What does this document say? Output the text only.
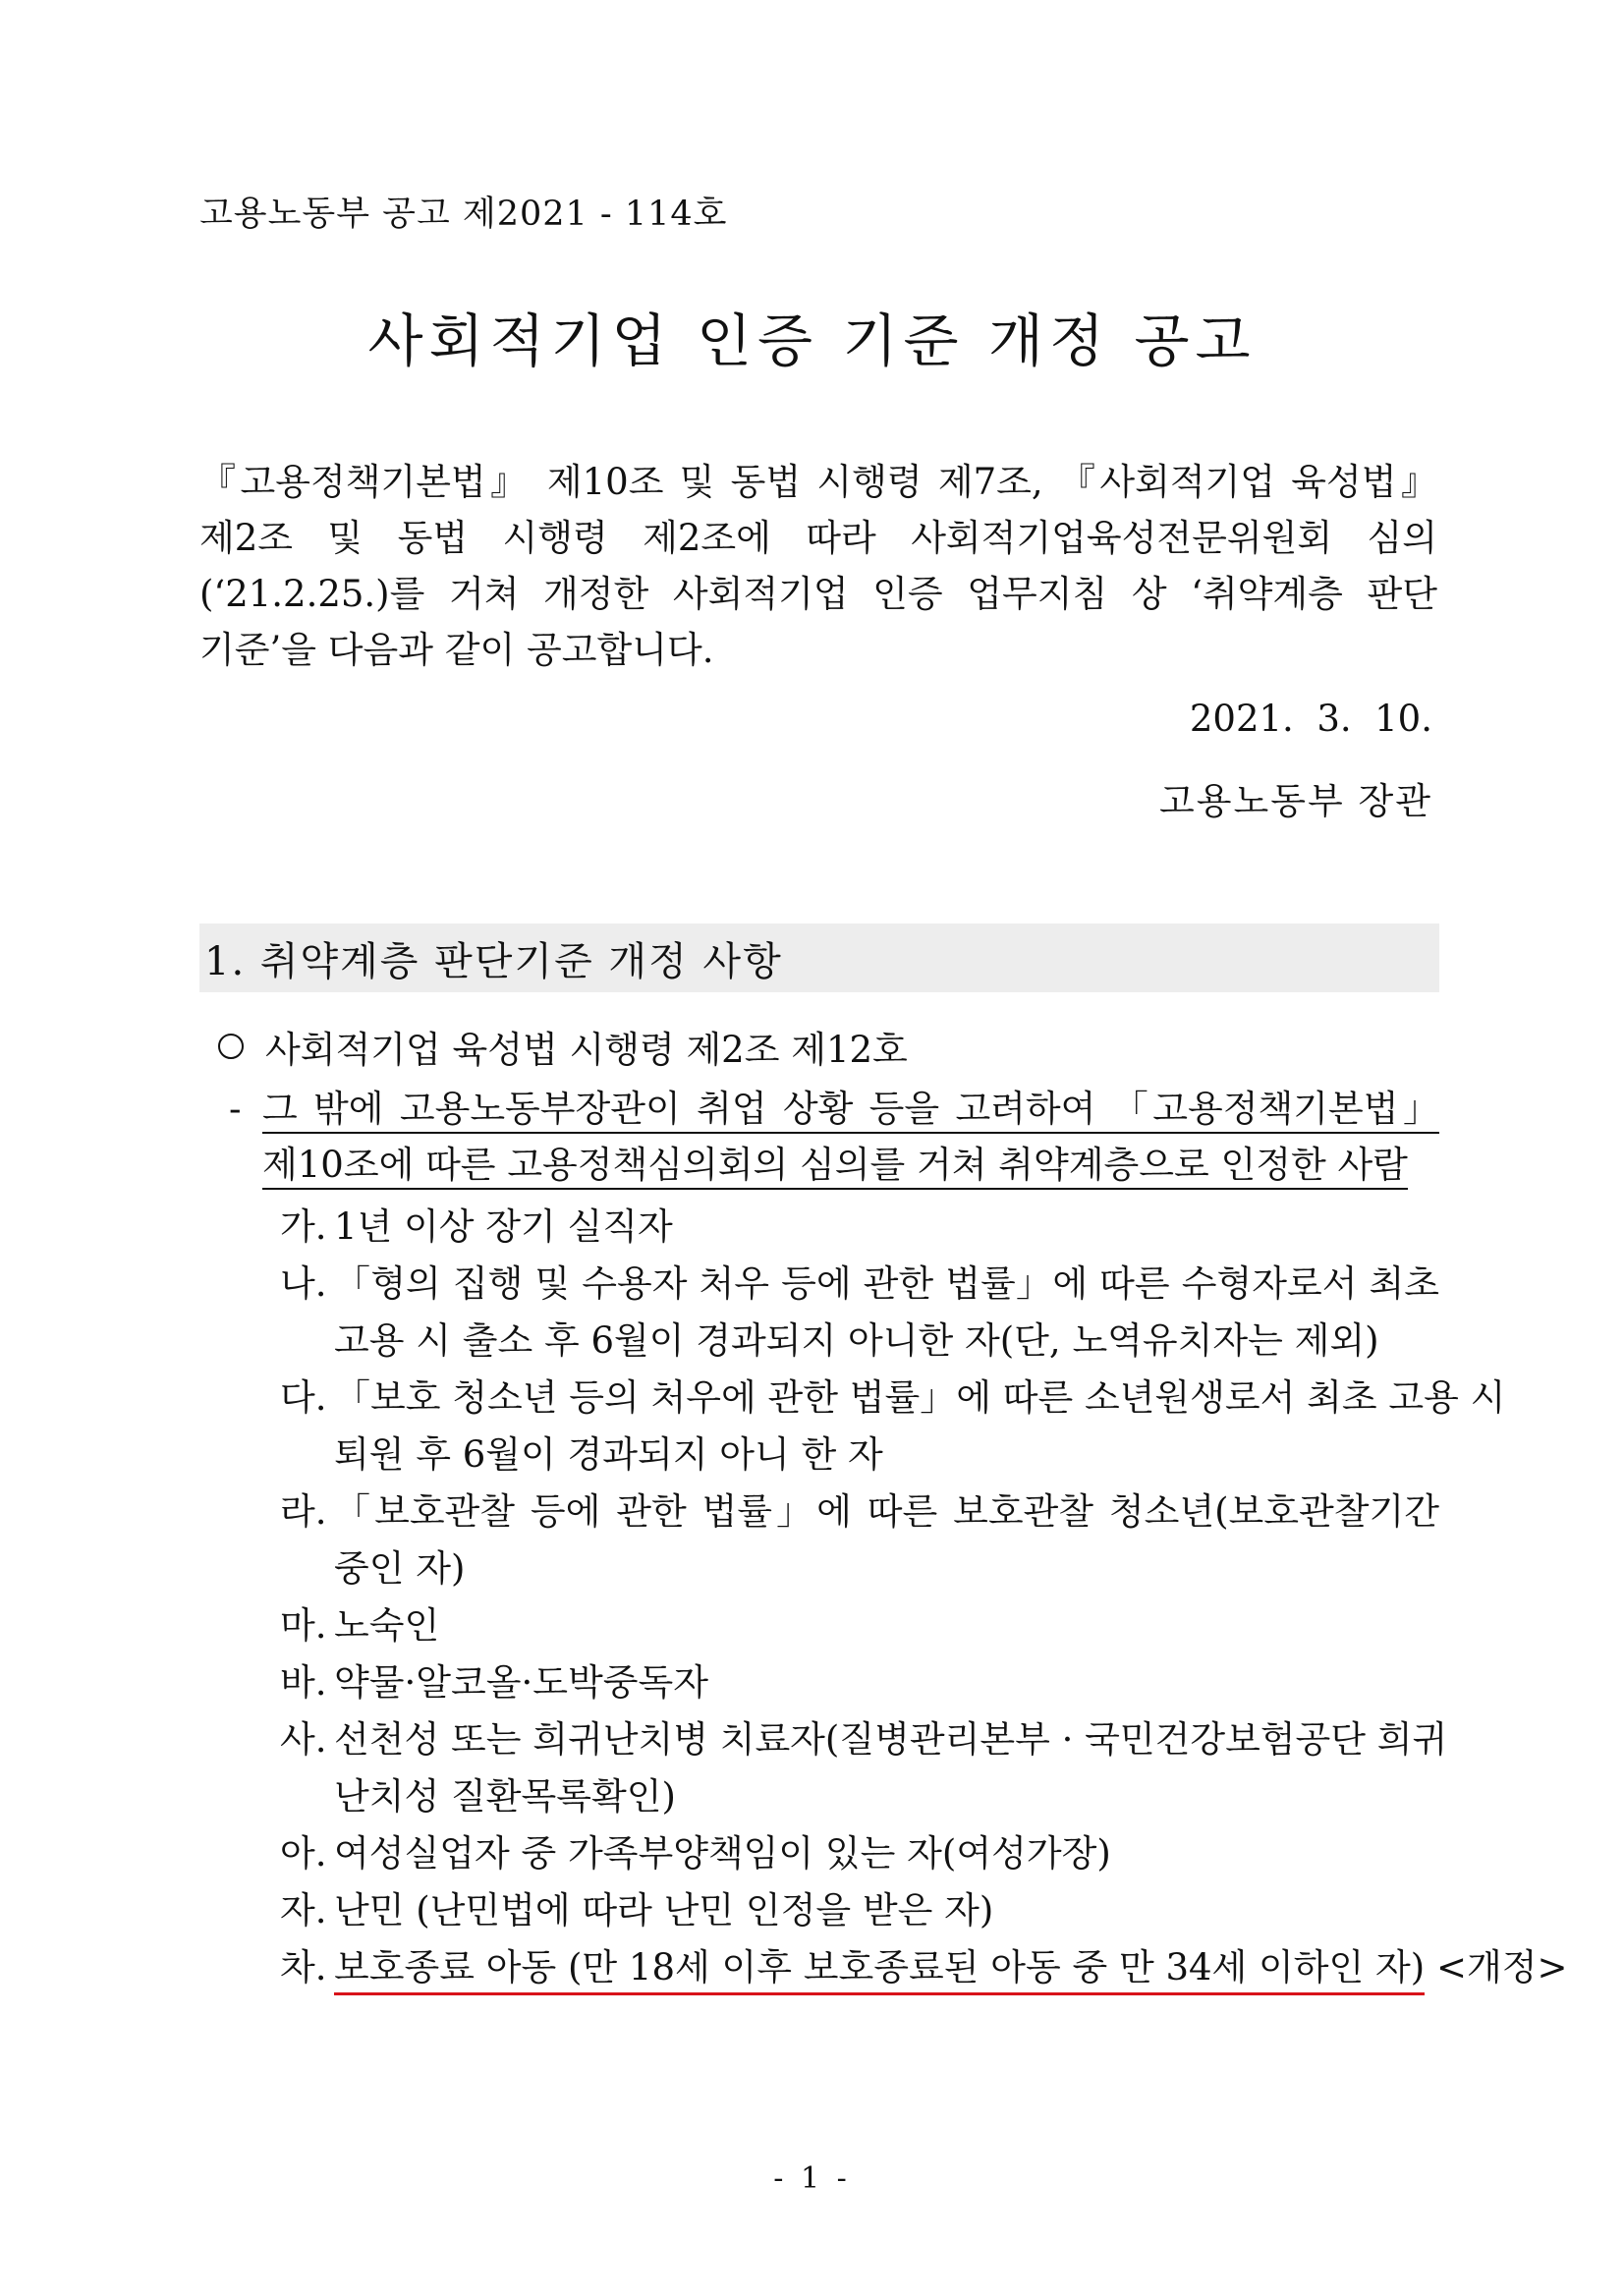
고용노동부 공고 제2021 - 114호
사회적기업 인증 기준 개정 공고
『고용정책기본법』 제10조 및 동법 시행령 제7조, 『사회적기업 육성법』
제2조 및 동법 시행령 제2조에 따라 사회적기업육성전문위원회 심의
(‘21.2.25.)를 거쳐 개정한 사회적기업 인증 업무지침 상 ‘취약계층 판단
기준’을 다음과 같이 공고합니다.
2021.  3.  10.
고용노동부 장관
1. 취약계층 판단기준 개정 사항
사회적기업 육성법 시행령 제2조 제12호
- 그 밖에 고용노동부장관이 취업 상황 등을 고려하여 「고용정책기본법」
제10조에 따른 고용정책심의회의 심의를 거쳐 취약계층으로 인정한 사람
가. 1년 이상 장기 실직자
나. 「형의 집행 및 수용자 처우 등에 관한 법률」에 따른 수형자로서 최초
고용 시 출소 후 6월이 경과되지 아니한 자(단, 노역유치자는 제외)
다. 「보호 청소년 등의 처우에 관한 법률」에 따른 소년원생로서 최초 고용 시
퇴원 후 6월이 경과되지 아니 한 자
라. 「보호관찰 등에 관한 법률」에 따른 보호관찰 청소년(보호관찰기간
중인 자)
마. 노숙인
바. 약물·알코올·도박중독자
사. 선천성 또는 희귀난치병 치료자(질병관리본부 · 국민건강보험공단 희귀
난치성 질환목록확인)
아. 여성실업자 중 가족부양책임이 있는 자(여성가장)
자. 난민 (난민법에 따라 난민 인정을 받은 자)
차. 보호종료 아동 (만 18세 이후 보호종료된 아동 중 만 34세 이하인 자) <개정>
- 1 -
